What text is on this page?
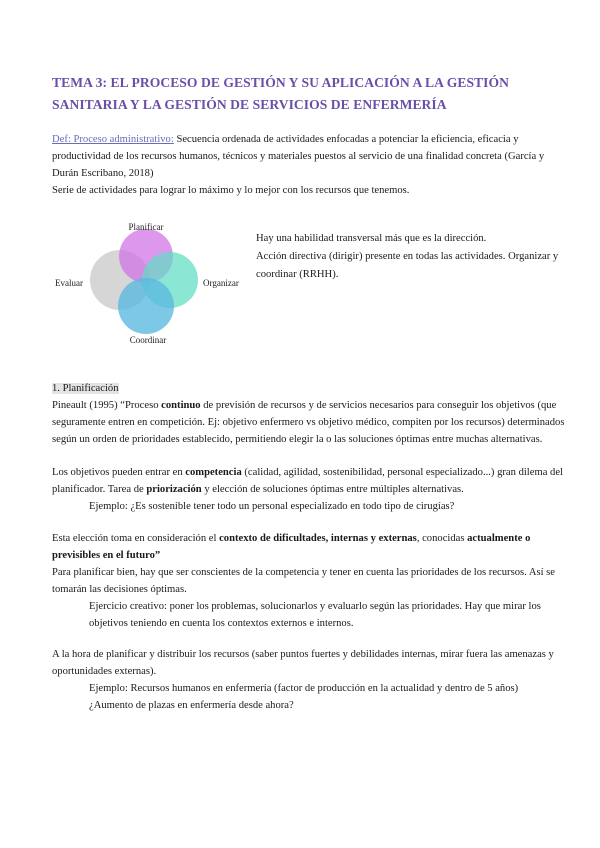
TEMA 3: EL PROCESO DE GESTIÓN Y SU APLICACIÓN A LA GESTIÓN
SANITARIA Y LA GESTIÓN DE SERVICIOS DE ENFERMERÍA
Def: Proceso administrativo: Secuencia ordenada de actividades enfocadas a potenciar la eficiencia, eficacia y
productividad de los recursos humanos, técnicos y materiales puestos al servicio de una finalidad concreta (García y
Durán Escribano, 2018)
Serie de actividades para lograr lo máximo y lo mejor con los recursos que tenemos.
Planificar
Organizar
Coordinar
Evaluar
Hay una habilidad transversal más que es la dirección.
Acción directiva (dirigir) presente en todas las actividades. Organizar y
coordinar (RRHH).
1. Planificación
Pineault (1995) “Proceso continuo de previsión de recursos y de servicios necesarios para conseguir los objetivos (que
seguramente entren en competición. Ej: objetivo enfermero vs objetivo médico, compiten por los recursos) determinados
según un orden de prioridades establecido, permitiendo elegir la o las soluciones óptimas entre muchas alternativas.
Los objetivos pueden entrar en competencia (calidad, agilidad, sostenibilidad, personal especializado...) gran dilema del
planificador. Tarea de priorización y elección de soluciones óptimas entre múltiples alternativas.
Ejemplo: ¿Es sostenible tener todo un personal especializado en todo tipo de cirugías?
Esta elección toma en consideración el contexto de dificultades, internas y externas, conocidas actualmente o
previsibles en el futuro”
Para planificar bien, hay que ser conscientes de la competencia y tener en cuenta las prioridades de los recursos. Así se
tomarán las decisiones óptimas.
Ejercicio creativo: poner los problemas, solucionarlos y evaluarlo según las prioridades. Hay que mirar los
objetivos teniendo en cuenta los contextos externos e internos.
A la hora de planificar y distribuir los recursos (saber puntos fuertes y debilidades internas, mirar fuera las amenazas y
oportunidades externas).
Ejemplo: Recursos humanos en enfermería (factor de producción en la actualidad y dentro de 5 años)
¿Aumento de plazas en enfermería desde ahora?
